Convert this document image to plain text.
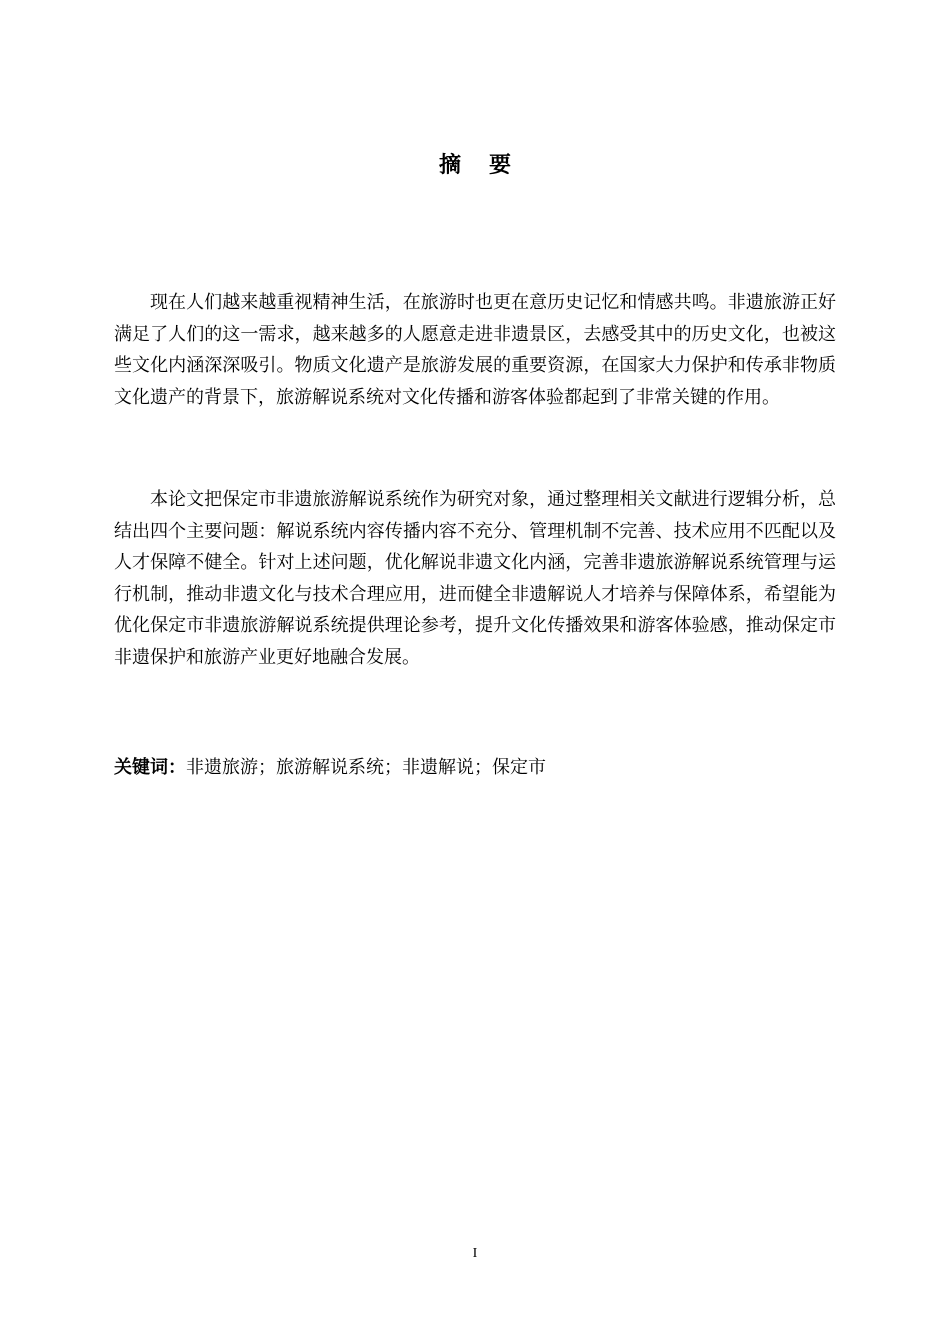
摘要

现在人们越来越重视精神生活，在旅游时也更在意历史记忆和情感共鸣。非遗旅游正好满足了人们的这一需求，越来越多的人愿意走进非遗景区，去感受其中的历史文化，也被这些文化内涵深深吸引。物质文化遗产是旅游发展的重要资源，在国家大力保护和传承非物质文化遗产的背景下，旅游解说系统对文化传播和游客体验都起到了非常关键的作用。

本论文把保定市非遗旅游解说系统作为研究对象，通过整理相关文献进行逻辑分析，总结出四个主要问题：解说系统内容传播内容不充分、管理机制不完善、技术应用不匹配以及人才保障不健全。针对上述问题，优化解说非遗文化内涵，完善非遗旅游解说系统管理与运行机制，推动非遗文化与技术合理应用，进而健全非遗解说人才培养与保障体系，希望能为优化保定市非遗旅游解说系统提供理论参考，提升文化传播效果和游客体验感，推动保定市非遗保护和旅游产业更好地融合发展。

关键词：非遗旅游；旅游解说系统；非遗解说；保定市

I
